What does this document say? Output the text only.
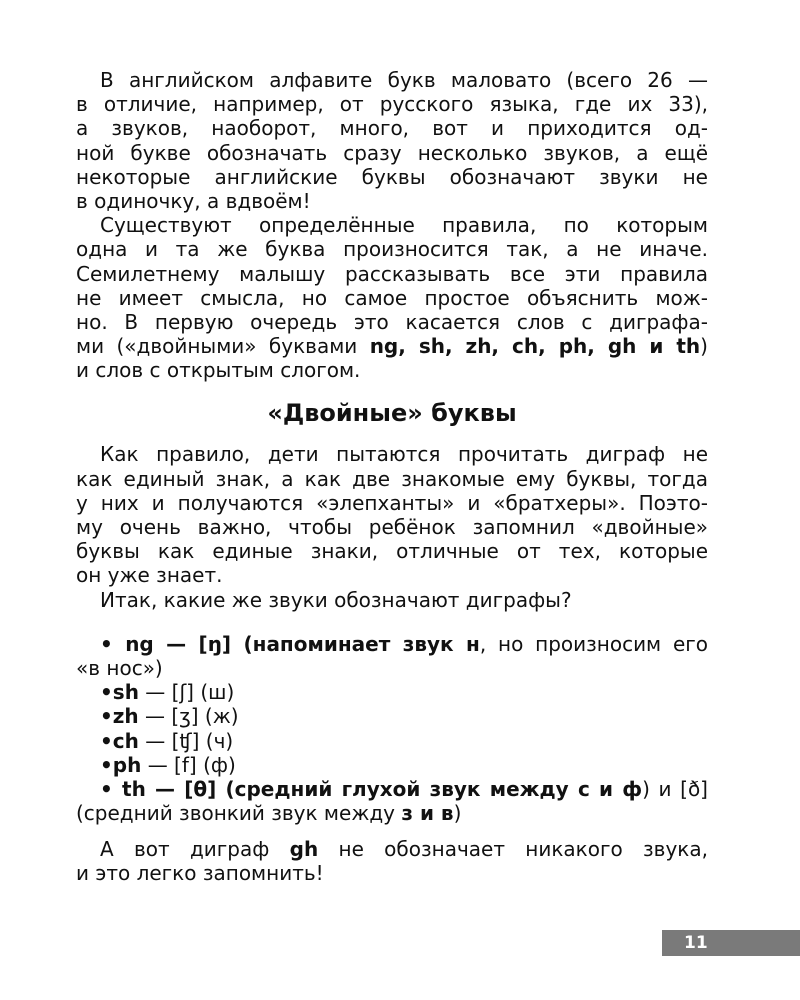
В английском алфавите букв маловато (всего 26 —
в отличие, например, от русского языка, где их 33),
а звуков, наоборот, много, вот и приходится од-
ной букве обозначать сразу несколько звуков, а ещё
некоторые английские буквы обозначают звуки не
в одиночку, а вдвоём!
Существуют определённые правила, по которым
одна и та же буква произносится так, а не иначе.
Семилетнему малышу рассказывать все эти правила
не имеет смысла, но самое простое объяснить мож-
но. В первую очередь это касается слов с диграфа-
ми («двойными» буквами ng, sh, zh, ch, ph, gh и th)
и слов с открытым слогом.
«Двойные» буквы
Как правило, дети пытаются прочитать диграф не
как единый знак, а как две знакомые ему буквы, тогда
у них и получаются «элепханты» и «братхеры». Поэто-
му очень важно, чтобы ребёнок запомнил «двойные»
буквы как единые знаки, отличные от тех, которые
он уже знает.
Итак, какие же звуки обозначают диграфы?
• ng — [ŋ] (напоминает звук н, но произносим его
«в нос»)
•sh — [ʃ] (ш)
•zh — [ʒ] (ж)
•ch — [ʧ] (ч)
•ph — [f] (ф)
• th — [θ] (средний глухой звук между с и ф) и [ð]
(средний звонкий звук между з и в)
А вот диграф gh не обозначает никакого звука,
и это легко запомнить!
11
